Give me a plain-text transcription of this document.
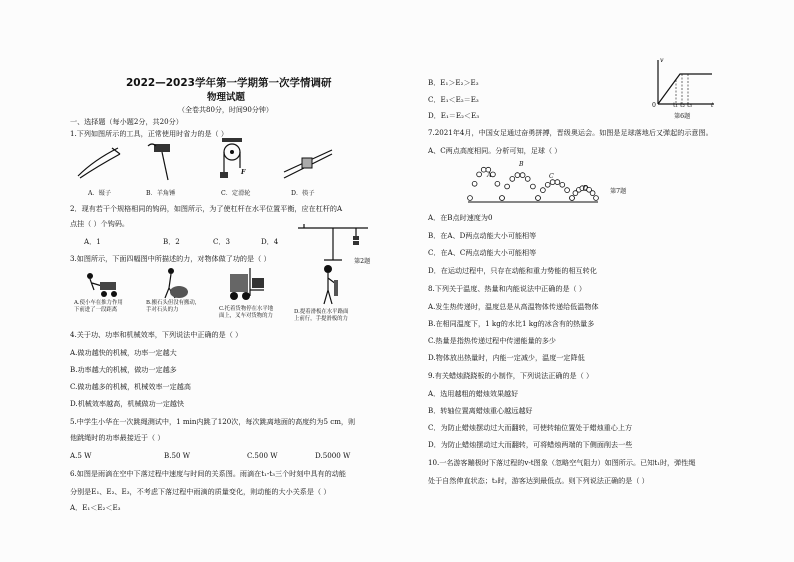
2022—2023学年第一学期第一次学情调研
物理试题
（全卷共80分，时间90分钟）
一、选择题（每小题2分，共20分）
1.下列如图所示的工具，正常使用时省力的是（ ）
F
A．镊子	B．羊角锤	C．定滑轮	D．筷子
2．现有若干个规格相同的钩码，如图所示，为了使杠杆在水平位置平衡，应在杠杆的A
点挂（ ）个钩码。
A．1	B．2	C．3	D．4
第2题
3.如图所示，下面四幅图中所描述的力，对物体做了功的是（ ）
A.使小车在推力作用
下前进了一段距离
B.搬石头但没有搬动，
手对石头的力	C.托着货物停在水平地
面上，叉车对货物的力
D.提着滑板在水平路面
上前行，手提滑板的力
4.关于功、功率和机械效率，下列说法中正确的是（ ）
A.做功越快的机械，功率一定越大
B.功率越大的机械，做功一定越多
C.做功越多的机械，机械效率一定越高
D.机械效率越高，机械做功一定越快
5.中学生小华在一次跳绳测试中，1 min内跳了120次，每次跳离地面的高度约为5 cm，则
他跳绳时的功率最接近于（ ）
A.5 W	B.50 W	C.500 W	D.5000 W
6.如图是雨滴在空中下落过程中速度与时间的关系图。雨滴在t₁-t₃三个时刻中具有的动能
分别是E₁、E₂、E₃，不考虑下落过程中雨滴的质量变化，则动能的大小关系是（ ）
A．E₁＜E₂＜E₃
B．E₁＞E₂＞E₃
C．E₁＜E₂＝E₃
D．E₁＝E₂＜E₃
v
0	t₁ t₂ t₃	t
第6题
7.2021年4月，中国女足通过奋勇拼搏，晋级奥运会。如图是足球落地后又弹起的示意图。
A、C两点高度相同。分析可知，足球（ ）
A
B
C
D	第7题
A．在B点时速度为0
B．在A、D两点动能大小可能相等
C．在A、C两点动能大小可能相等
D．在运动过程中，只存在动能和重力势能的相互转化
8.下列关于温度、热量和内能说法中正确的是（ ）
A.发生热传递时，温度总是从高温物体传递给低温物体
B.在相同温度下，1 kg的水比1 kg的冰含有的热量多
C.热量是指热传递过程中传递能量的多少
D.物体放出热量时，内能一定减少，温度一定降低
9.有关蜡烛跷跷板的小制作，下列说法正确的是（ ）
A．选用越粗的蜡烛效果越好
B．转轴位置离蜡烛重心越远越好
C．为防止蜡烛摆动过大而翻转，可使转轴位置处于蜡烛重心上方
D．为防止蜡烛摆动过大而翻转，可将蜡烛两端的下侧面削去一些
10.一名游客蹦极时下落过程的v-t图象（忽略空气阻力）如图所示。已知t₁时，弹性绳
处于自然伸直状态；t₃时，游客达到最低点。则下列说法正确的是（ ）
